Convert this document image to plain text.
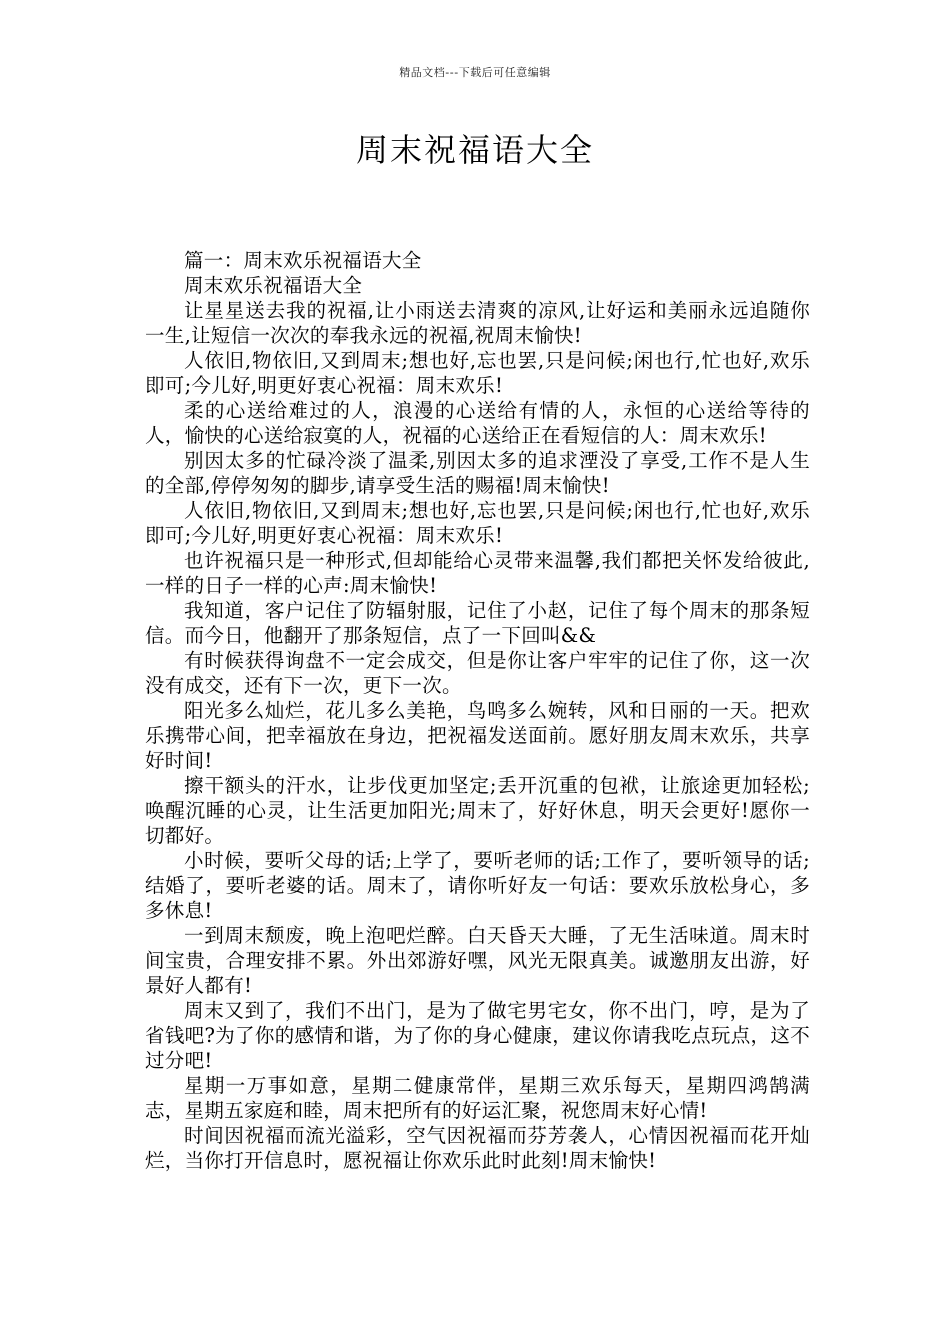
精品文档---下载后可任意编辑
周末祝福语大全

篇一：周末欢乐祝福语大全

周末欢乐祝福语大全

让星星送去我的祝福,让小雨送去清爽的凉风,让好运和美丽永远追随你一生,让短信一次次的奉我永远的祝福,祝周末愉快!

人依旧,物依旧,又到周末;想也好,忘也罢,只是问候;闲也行,忙也好,欢乐即可;今儿好,明更好衷心祝福：周末欢乐!

柔的心送给难过的人，浪漫的心送给有情的人，永恒的心送给等待的人，愉快的心送给寂寞的人，祝福的心送给正在看短信的人：周末欢乐!

别因太多的忙碌冷淡了温柔,别因太多的追求湮没了享受,工作不是人生的全部,停停匆匆的脚步,请享受生活的赐福!周末愉快!

人依旧,物依旧,又到周末;想也好,忘也罢,只是问候;闲也行,忙也好,欢乐即可;今儿好,明更好衷心祝福：周末欢乐!

也许祝福只是一种形式,但却能给心灵带来温馨,我们都把关怀发给彼此,一样的日子一样的心声:周末愉快!

我知道，客户记住了防辐射服，记住了小赵，记住了每个周末的那条短信。而今日，他翻开了那条短信，点了一下回叫&&

有时候获得询盘不一定会成交，但是你让客户牢牢的记住了你，这一次没有成交，还有下一次，更下一次。

阳光多么灿烂，花儿多么美艳，鸟鸣多么婉转，风和日丽的一天。把欢乐携带心间，把幸福放在身边，把祝福发送面前。愿好朋友周末欢乐，共享好时间!

擦干额头的汗水，让步伐更加坚定;丢开沉重的包袱，让旅途更加轻松;唤醒沉睡的心灵，让生活更加阳光;周末了，好好休息，明天会更好!愿你一切都好。

小时候，要听父母的话;上学了，要听老师的话;工作了，要听领导的话;结婚了，要听老婆的话。周末了，请你听好友一句话：要欢乐放松身心，多多休息!

一到周末颓废，晚上泡吧烂醉。白天昏天大睡，了无生活味道。周末时间宝贵，合理安排不累。外出郊游好嘿，风光无限真美。诚邀朋友出游，好景好人都有!

周末又到了，我们不出门，是为了做宅男宅女，你不出门，哼，是为了省钱吧?为了你的感情和谐，为了你的身心健康，建议你请我吃点玩点，这不过分吧!

星期一万事如意，星期二健康常伴，星期三欢乐每天，星期四鸿鹄满志，星期五家庭和睦，周末把所有的好运汇聚，祝您周末好心情!

时间因祝福而流光溢彩，空气因祝福而芬芳袭人，心情因祝福而花开灿烂，当你打开信息时，愿祝福让你欢乐此时此刻!周末愉快!
